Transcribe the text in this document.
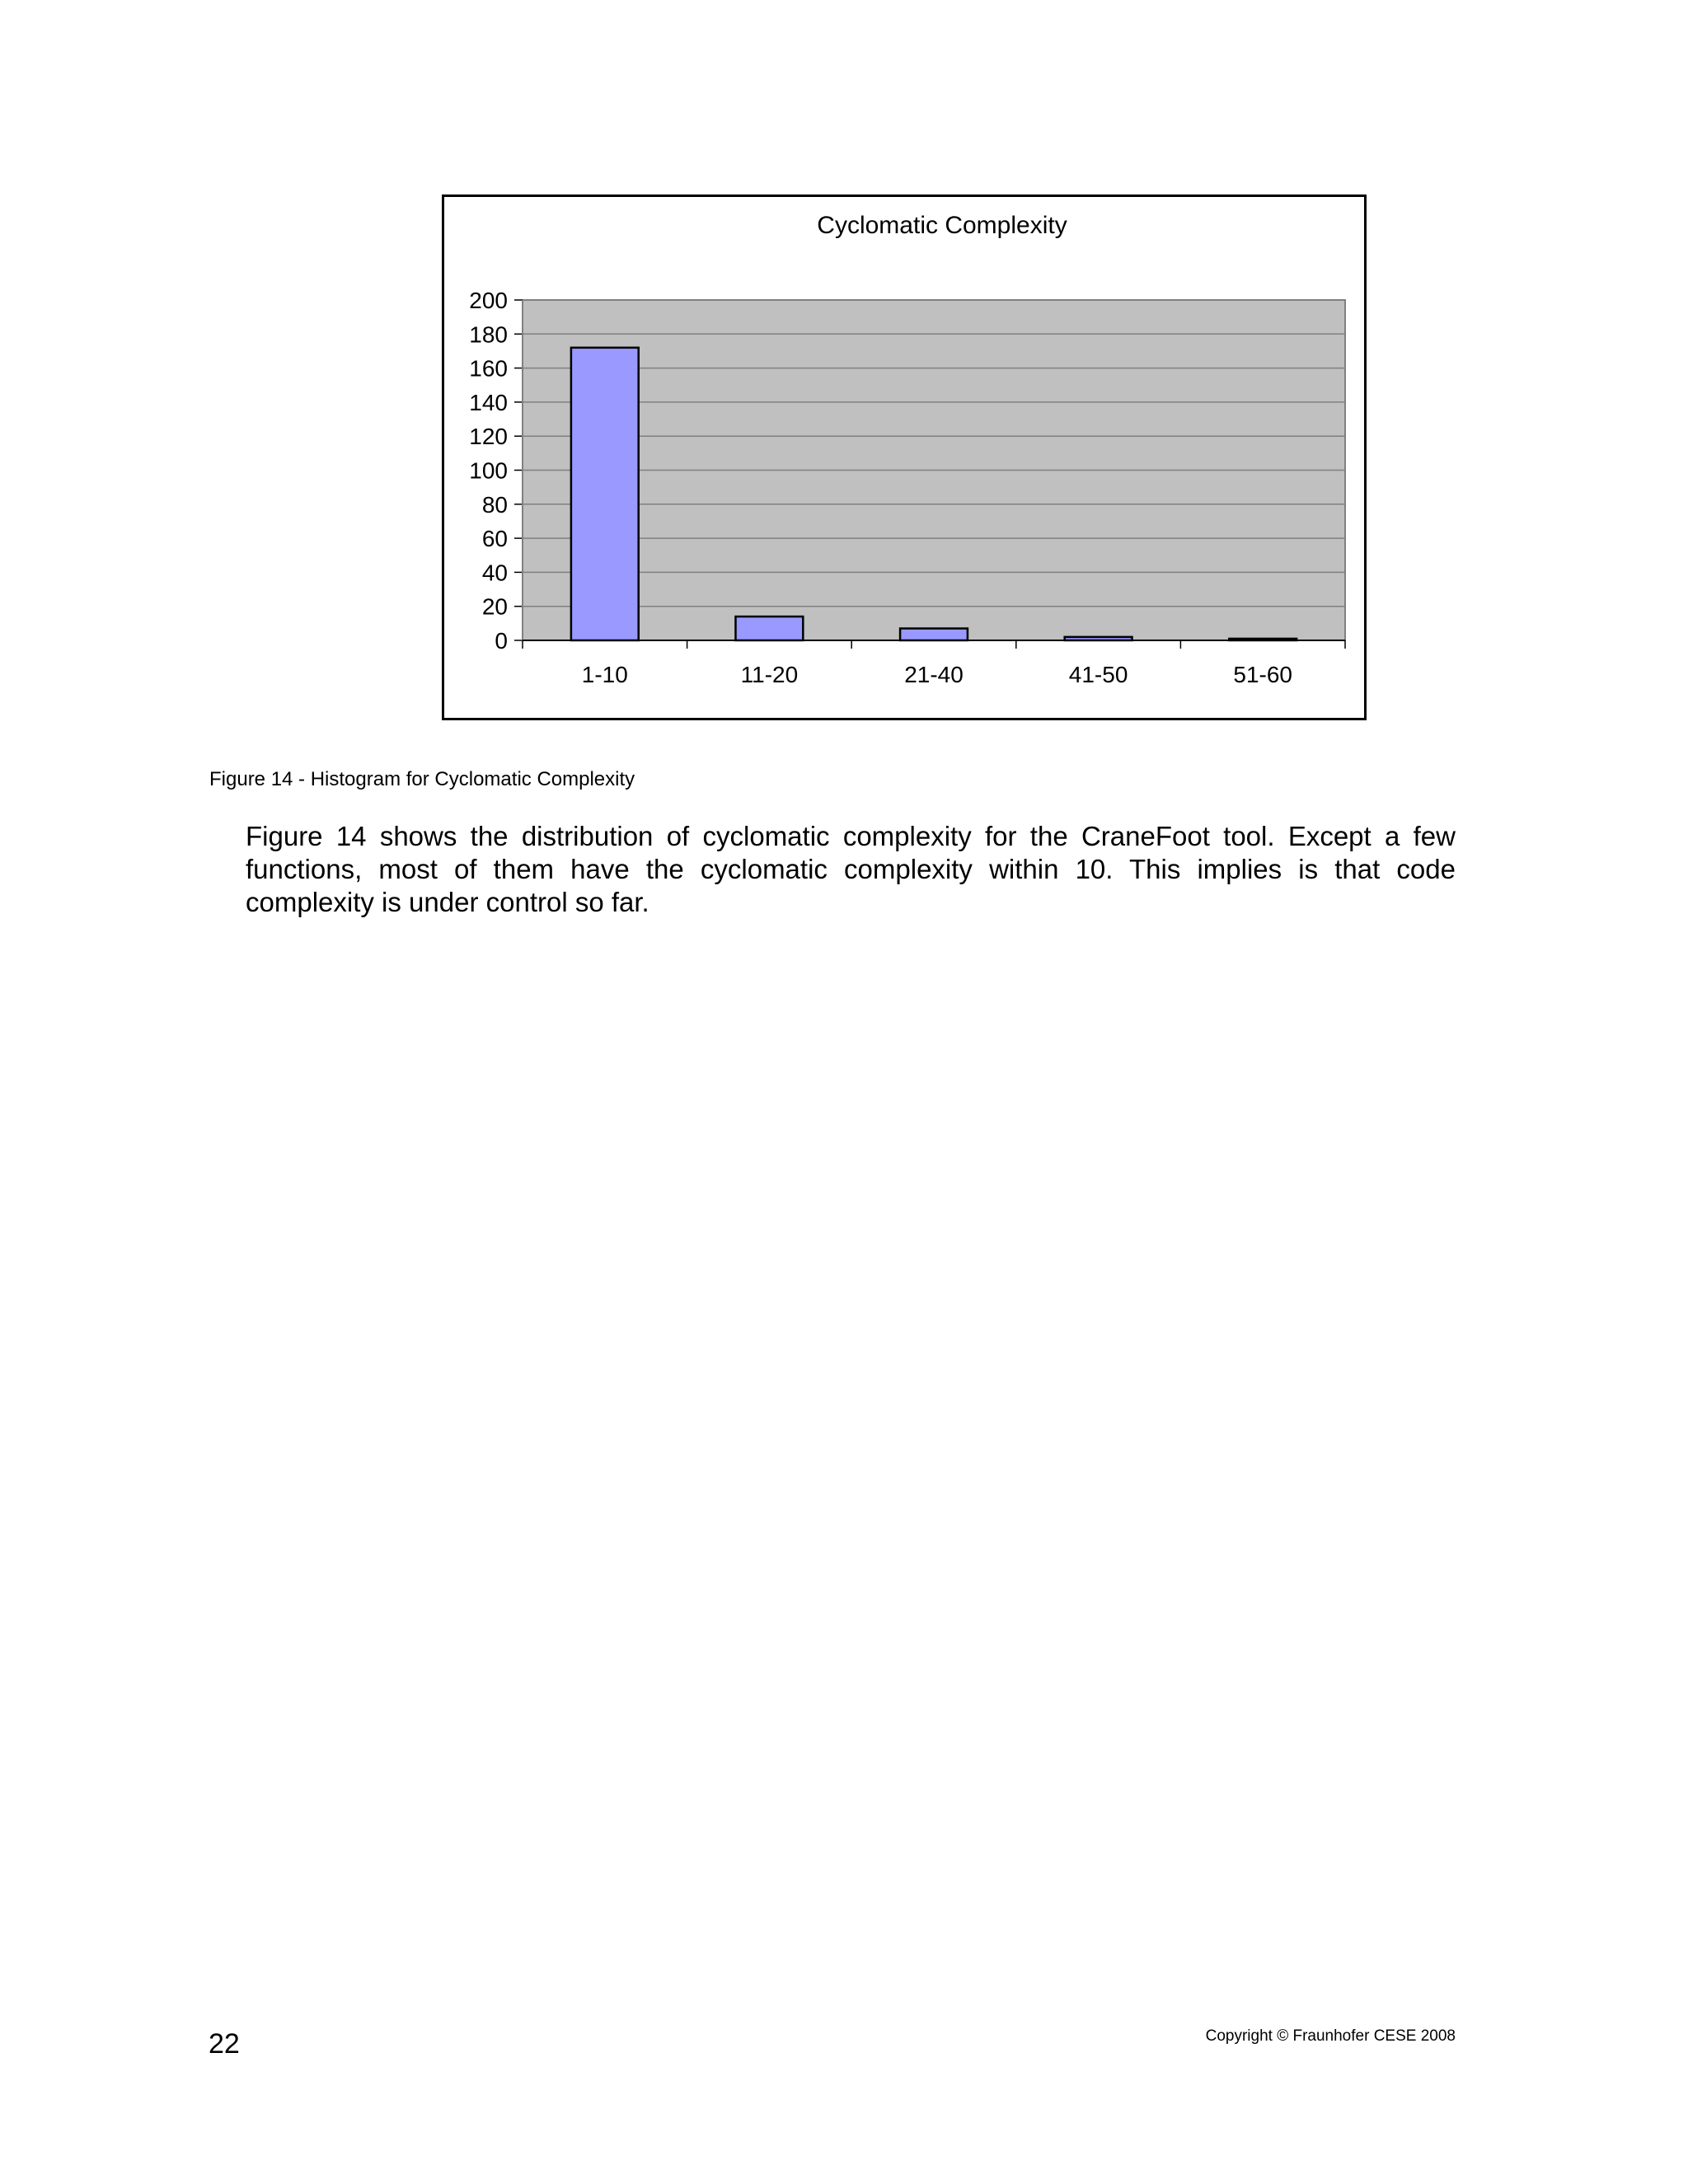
Cyclomatic Complexity
0
20
40
60
80
100
120
140
160
180
200
1-10	11-20	21-40	41-50	51-60
Figure 14 - Histogram for Cyclomatic Complexity
Figure 14 shows the distribution of cyclomatic complexity for the CraneFoot tool. Except a few functions, most of them have the cyclomatic complexity within 10. This implies is that code complexity is under control so far.
22	Copyright © Fraunhofer CESE 2008
